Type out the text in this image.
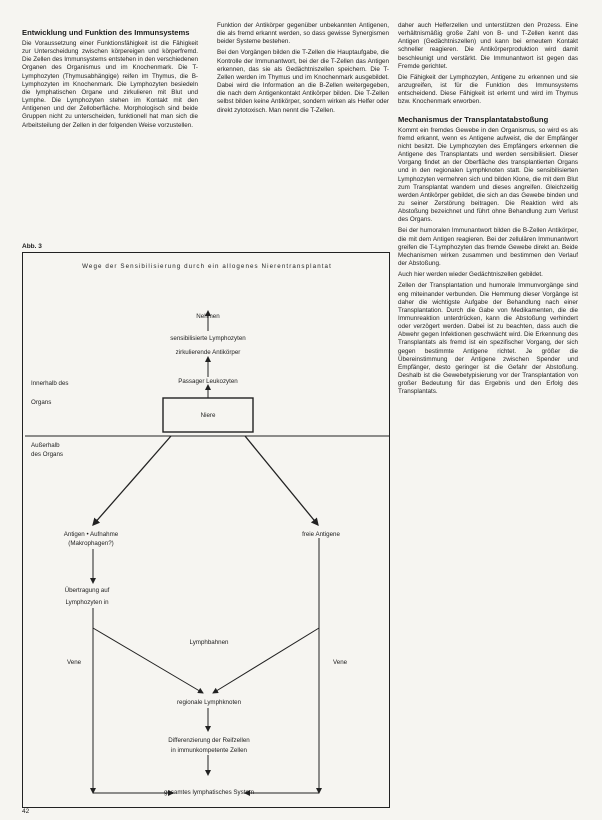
Entwicklung und Funktion des Immunsystems

Die Voraussetzung einer Funktionsfähigkeit ist die Fähigkeit zur Unterscheidung zwischen körpereigen und körperfremd. Die Zellen des Immunsystems entstehen in den verschiedenen Organen des Organismus und im Knochenmark. Die T-Lymphozyten (Thymusabhängige) reifen im Thymus, die B-Lymphozyten im Knochenmark. Die Lymphozyten besiedeln die lymphatischen Organe und zirkulieren mit Blut und Lymphe. Die Lymphozyten stehen im Kontakt mit den Antigenen und der Zelloberfläche. Morphologisch sind beide Gruppen nicht zu unterscheiden, funktionell hat man sich die Arbeitsteilung der Zellen in der folgenden Weise vorzustellen.

Funktion der Antikörper gegenüber unbekannten Antigenen, die als fremd erkannt werden, so dass gewisse Synergismen beider Systeme bestehen.

Bei den Vorgängen bilden die T-Zellen die Hauptaufgabe, die Kontrolle der Immunantwort, bei der die T-Zellen das Antigen erkennen, das sie als Gedächtniszellen speichern. Die T-Zellen werden im Thymus und im Knochenmark ausgebildet. Dabei wird die Information an die B-Zellen weitergegeben, die nach dem Antigenkontakt Antikörper bilden. Die T-Zellen selbst bilden keine Antikörper, sondern wirken als Helfer oder direkt zytotoxisch. Man nennt die T-Zellen.

daher auch Helferzellen und unterstützen den Prozess. Eine verhältnismäßig große Zahl von B- und T-Zellen kennt das Antigen (Gedächtniszellen) und kann bei erneutem Kontakt schneller reagieren. Die Antikörperproduktion wird damit beschleunigt und verstärkt. Die Immunantwort ist gegen das Fremde gerichtet.

Die Fähigkeit der Lymphozyten, Antigene zu erkennen und sie anzugreifen, ist für die Funktion des Immunsystems entscheidend. Diese Fähigkeit ist erlernt und wird im Thymus bzw. Knochenmark erworben.

Mechanismus der Transplantatabstoßung

Kommt ein fremdes Gewebe in den Organismus, so wird es als fremd erkannt, wenn es Antigene aufweist, die der Empfänger nicht besitzt. Die Lymphozyten des Empfängers erkennen die Antigene des Transplantats und werden sensibilisiert. Dieser Vorgang findet an der Oberfläche des transplantierten Organs und in den regionalen Lymphknoten statt. Die sensibilisierten Lymphozyten vermehren sich und bilden Klone, die mit dem Blut zum Transplantat wandern und dieses angreifen. Gleichzeitig werden Antikörper gebildet, die sich an das Gewebe binden und zu seiner Zerstörung beitragen. Die Reaktion wird als Abstoßung bezeichnet und führt ohne Behandlung zum Verlust des Organs.

Bei der humoralen Immunantwort bilden die B-Zellen Antikörper, die mit dem Antigen reagieren. Bei der zellulären Immunantwort greifen die T-Lymphozyten das fremde Gewebe direkt an. Beide Mechanismen wirken zusammen und bestimmen den Verlauf der Abstoßung.

Auch hier werden wieder Gedächtniszellen gebildet.

Zellen der Transplantation und humorale Immunvorgänge sind eng miteinander verbunden. Die Hemmung dieser Vorgänge ist daher die wichtigste Aufgabe der Behandlung nach einer Transplantation. Durch die Gabe von Medikamenten, die die Immunreaktion unterdrücken, kann die Abstoßung verhindert oder verzögert werden. Dabei ist zu beachten, dass auch die Abwehr gegen Infektionen geschwächt wird. Die Erkennung des Transplantats als fremd ist ein spezifischer Vorgang, der sich gegen bestimmte Antigene richtet. Je größer die Übereinstimmung der Antigene zwischen Spender und Empfänger, desto geringer ist die Gefahr der Abstoßung. Deshalb ist die Gewebetypisierung vor der Transplantation von großer Bedeutung für das Ergebnis und den Erfolg des Transplantats.

Abb. 3
Wege der Sensibilisierung durch ein allogenes Nierentransplantat
Nehmen
sensibilisierte Lymphozyten
zirkulierende Antikörper
Passager Leukozyten
Niere
Innerhalb des
Organs
Außerhalb
des Organs
Antigen • Aufnahme
(Makrophagen?)
freie Antigene
Übertragung auf
Lymphozyten in
Lymphbahnen
Vene	Vene
regionale Lymphknoten
Differenzierung der Reifzellen
in immunkompetente Zellen
gesamtes lymphatisches System
42
